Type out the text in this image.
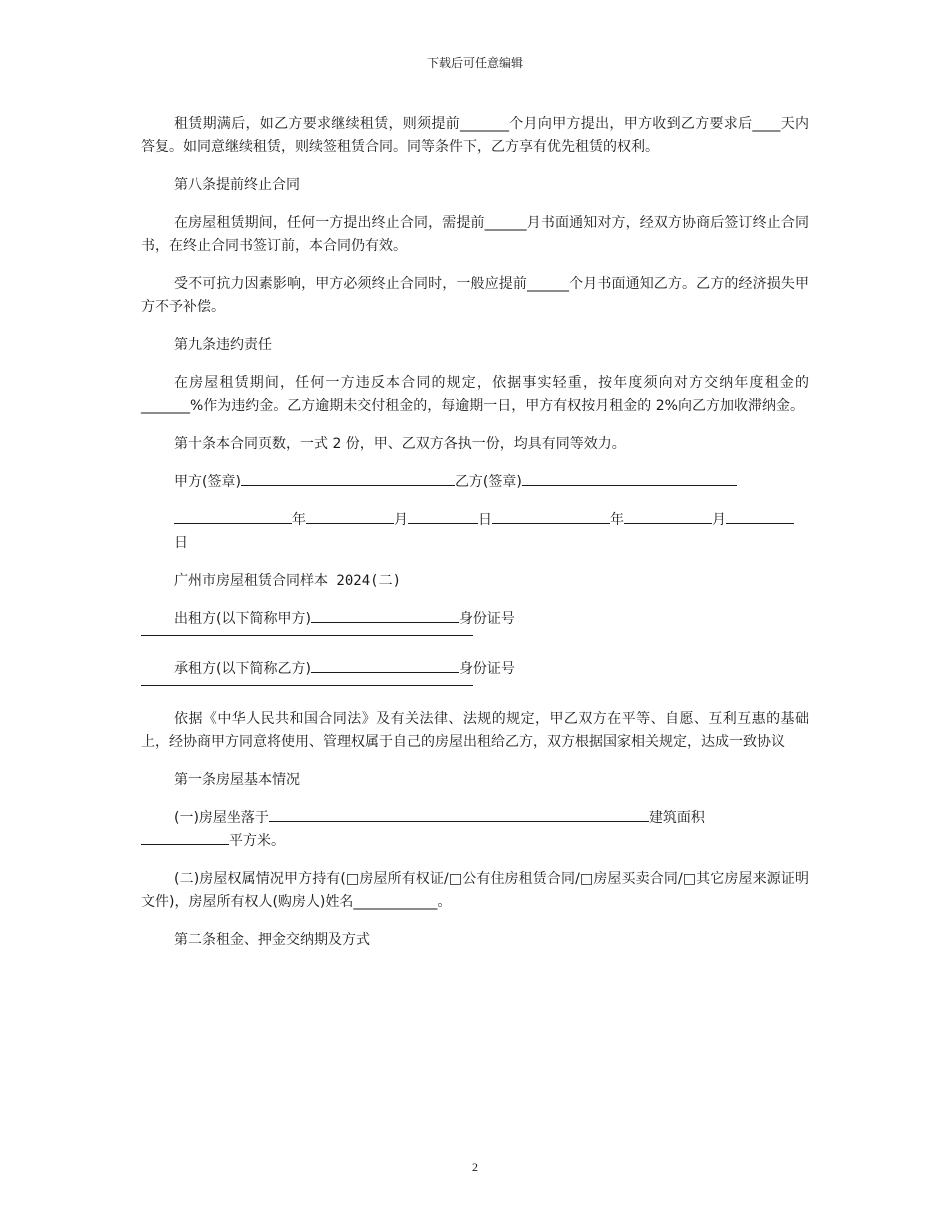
下载后可任意编辑

租赁期满后，如乙方要求继续租赁，则须提前_______个月向甲方提出，甲方收到乙方要求后____天内答复。如同意继续租赁，则续签租赁合同。同等条件下，乙方享有优先租赁的权利。

第八条提前终止合同

在房屋租赁期间，任何一方提出终止合同，需提前______月书面通知对方，经双方协商后签订终止合同书，在终止合同书签订前，本合同仍有效。

受不可抗力因素影响，甲方必须终止合同时，一般应提前______个月书面通知乙方。乙方的经济损失甲方不予补偿。

第九条违约责任

在房屋租赁期间，任何一方违反本合同的规定，依据事实轻重，按年度须向对方交纳年度租金的_______%作为违约金。乙方逾期未交付租金的，每逾期一日，甲方有权按月租金的 2%向乙方加收滞纳金。

第十条本合同页数，一式 2 份，甲、乙双方各执一份，均具有同等效力。

甲方(签章)	乙方(签章)
年	月	日	年	月
日

广州市房屋租赁合同样本 2024(二)

出租方(以下简称甲方)	身份证号
承租方(以下简称乙方)	身份证号

依据《中华人民共和国合同法》及有关法律、法规的规定，甲乙双方在平等、自愿、互利互惠的基础上，经协商甲方同意将使用、管理权属于自己的房屋出租给乙方，双方根据国家相关规定，达成一致协议

第一条房屋基本情况

(一)房屋坐落于	建筑面积
平方米。

(二)房屋权属情况甲方持有(□房屋所有权证/□公有住房租赁合同/□房屋买卖合同/□其它房屋来源证明文件)，房屋所有权人(购房人)姓名____________。

第二条租金、押金交纳期及方式

2
